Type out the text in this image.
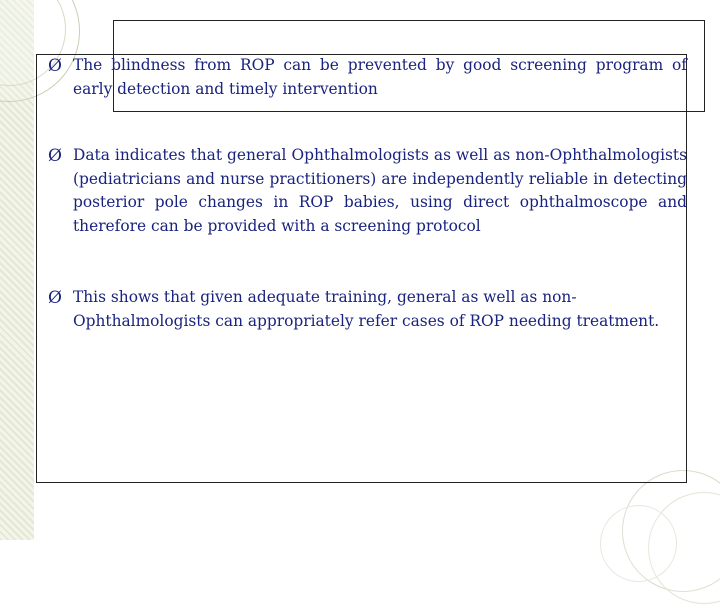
Ø The blindness from ROP can be prevented by good screening program of early detection and timely intervention
Ø Data indicates that general Ophthalmologists as well as non-Ophthalmologists (pediatricians and nurse practitioners) are independently reliable in detecting posterior pole changes in ROP babies, using direct ophthalmoscope and therefore can be provided with a screening protocol
Ø This shows that given adequate training, general as well as non-Ophthalmologists can appropriately refer cases of ROP needing treatment.
